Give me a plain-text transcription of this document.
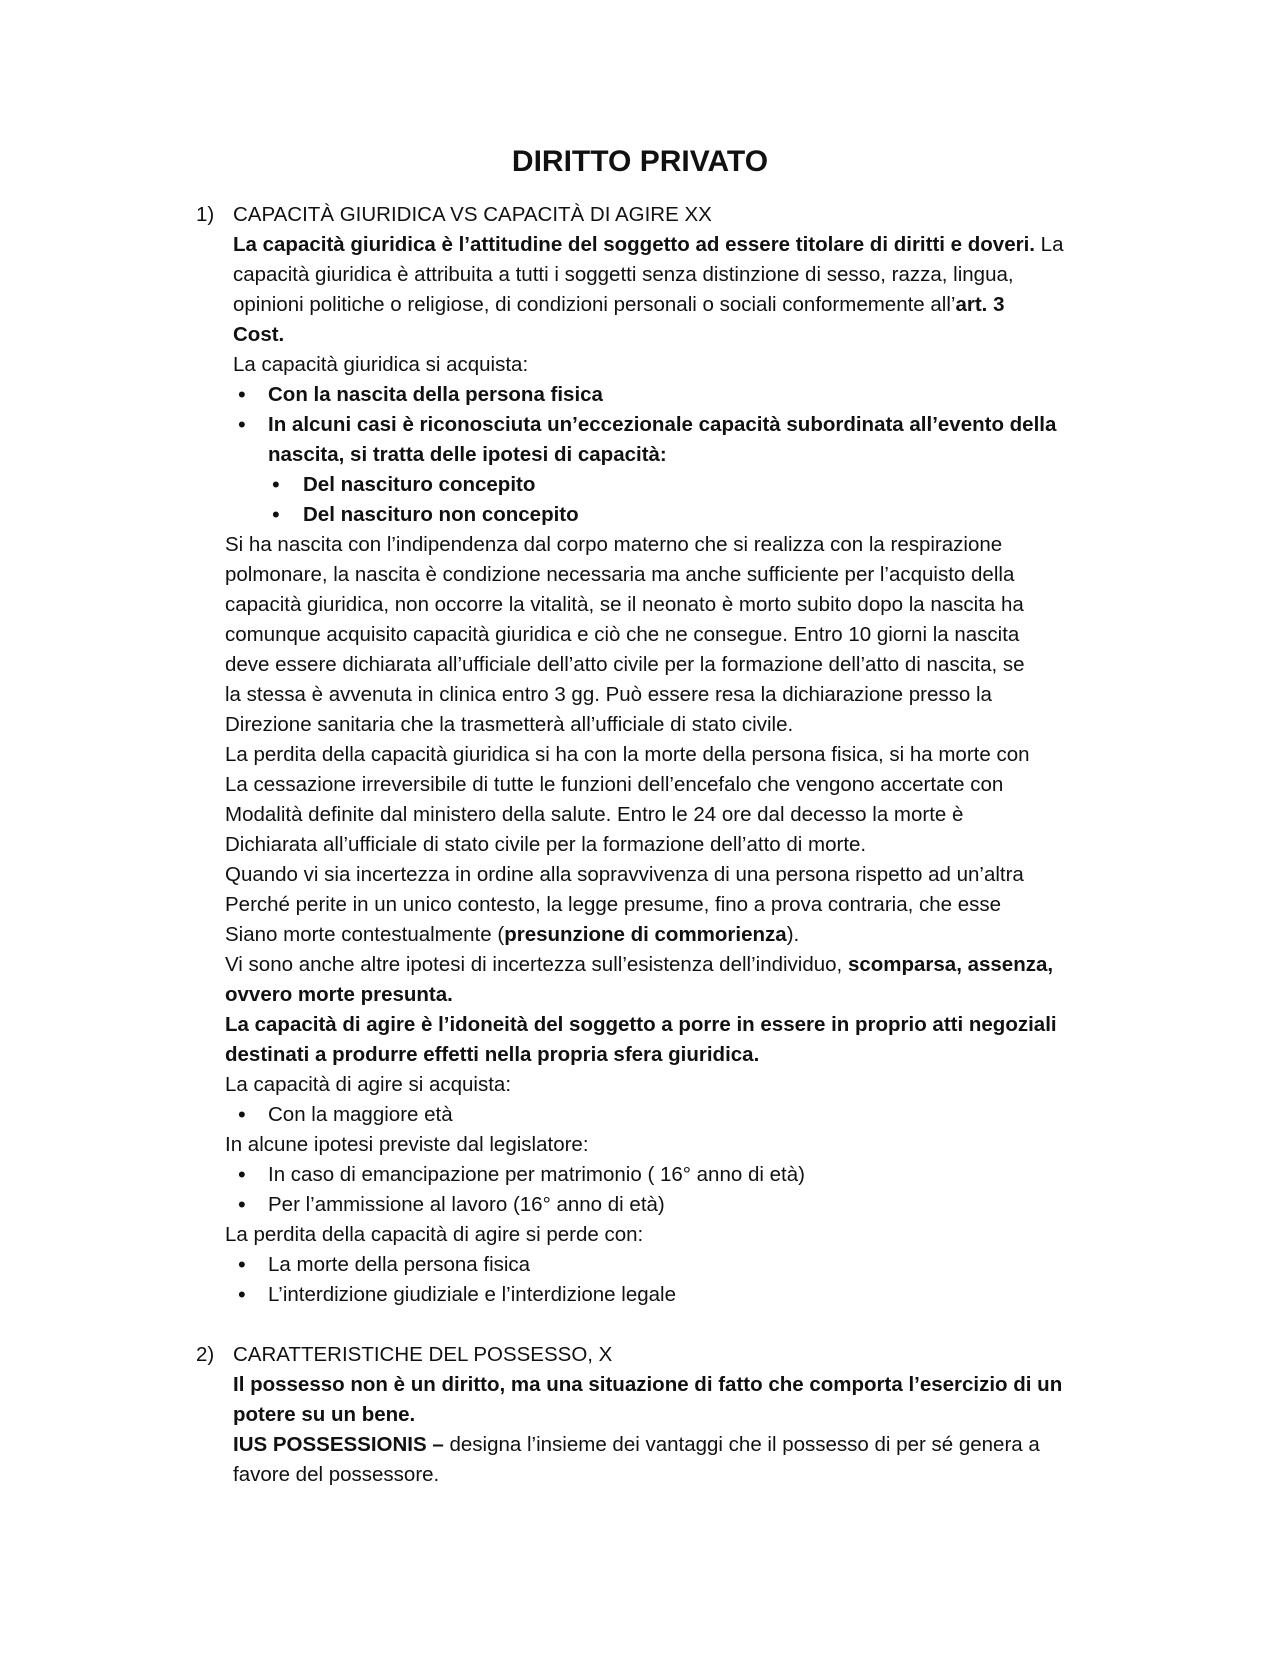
DIRITTO PRIVATO
1) CAPACITÀ GIURIDICA VS CAPACITÀ DI AGIRE XX
La capacità giuridica è l’attitudine del soggetto ad essere titolare di diritti e doveri. La
capacità giuridica è attribuita a tutti i soggetti senza distinzione di sesso, razza, lingua,
opinioni politiche o religiose, di condizioni personali o sociali conformemente all’art. 3
Cost.
La capacità giuridica si acquista:
• Con la nascita della persona fisica
• In alcuni casi è riconosciuta un’eccezionale capacità subordinata all’evento della
nascita, si tratta delle ipotesi di capacità:
• Del nascituro concepito
• Del nascituro non concepito
Si ha nascita con l’indipendenza dal corpo materno che si realizza con la respirazione
polmonare, la nascita è condizione necessaria ma anche sufficiente per l’acquisto della
capacità giuridica, non occorre la vitalità, se il neonato è morto subito dopo la nascita ha
comunque acquisito capacità giuridica e ciò che ne consegue. Entro 10 giorni la nascita
deve essere dichiarata all’ufficiale dell’atto civile per la formazione dell’atto di nascita, se
la stessa è avvenuta in clinica entro 3 gg. Può essere resa la dichiarazione presso la
Direzione sanitaria che la trasmetterà all’ufficiale di stato civile.
La perdita della capacità giuridica si ha con la morte della persona fisica, si ha morte con
La cessazione irreversibile di tutte le funzioni dell’encefalo che vengono accertate con
Modalità definite dal ministero della salute. Entro le 24 ore dal decesso la morte è
Dichiarata all’ufficiale di stato civile per la formazione dell’atto di morte.
Quando vi sia incertezza in ordine alla sopravvivenza di una persona rispetto ad un’altra
Perché perite in un unico contesto, la legge presume, fino a prova contraria, che esse
Siano morte contestualmente (presunzione di commorienza).
Vi sono anche altre ipotesi di incertezza sull’esistenza dell’individuo, scomparsa, assenza,
ovvero morte presunta.
La capacità di agire è l’idoneità del soggetto a porre in essere in proprio atti negoziali
destinati a produrre effetti nella propria sfera giuridica.
La capacità di agire si acquista:
• Con la maggiore età
In alcune ipotesi previste dal legislatore:
• In caso di emancipazione per matrimonio ( 16° anno di età)
• Per l’ammissione al lavoro (16° anno di età)
La perdita della capacità di agire si perde con:
• La morte della persona fisica
• L’interdizione giudiziale e l’interdizione legale
2) CARATTERISTICHE DEL POSSESSO, X
Il possesso non è un diritto, ma una situazione di fatto che comporta l’esercizio di un
potere su un bene.
IUS POSSESSIONIS – designa l’insieme dei vantaggi che il possesso di per sé genera a
favore del possessore.
